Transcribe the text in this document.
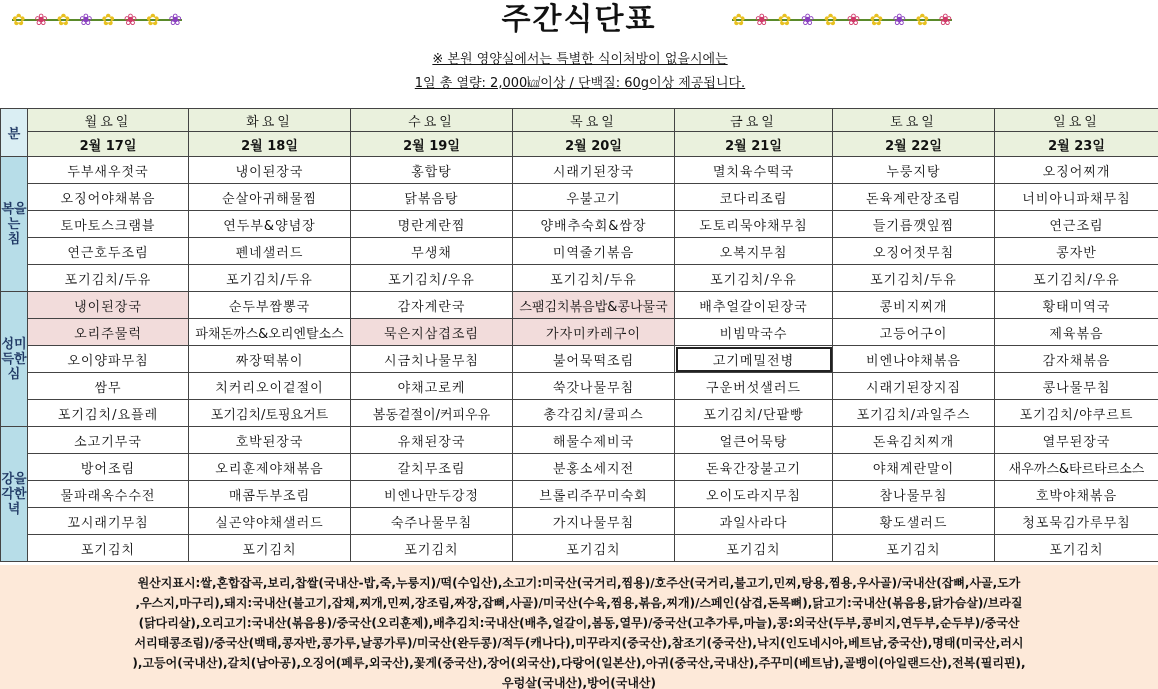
✿ ❀ ✿ ❀ ✿ ❀ ✿ ❀	주간식단표	✿ ❀ ✿ ❀ ✿ ❀ ✿ ❀ ✿ ❀
※ 본원 영양실에서는 특별한 식이처방이 없을시에는
1일 총 열량: 2,000㎉이상 / 단백질: 60g이상 제공됩니다.
분	월요일	화요일	수요일	목요일	금요일	토요일	일요일
	2월 17일	2월 18일	2월 19일	2월 20일	2월 21일	2월 22일	2월 23일
복을
는
침	두부새우젓국	냉이된장국	홍합탕	시래기된장국	멸치육수떡국	누룽지탕	오징어찌개
	오징어야채볶음	순살아귀해물찜	닭볶음탕	우불고기	코다리조림	돈육계란장조림	너비아니파채무침
	토마토스크램블	연두부&양념장	명란계란찜	양배추숙회&쌈장	도토리묵야채무침	들기름깻잎찜	연근조림
	연근호두조림	펜네샐러드	무생채	미역줄기볶음	오복지무침	오징어젓무침	콩자반
	포기김치/두유	포기김치/두유	포기김치/우유	포기김치/두유	포기김치/우유	포기김치/두유	포기김치/우유
성미
득한
심	냉이된장국	순두부짬뽕국	감자계란국	스팸김치볶음밥&콩나물국	배추얼갈이된장국	콩비지찌개	황태미역국
	오리주물럭	파채돈까스&오리엔탈소스	묵은지삼겹조림	가자미카레구이	비빔막국수	고등어구이	제육볶음
	오이양파무침	짜장떡볶이	시금치나물무침	불어묵떡조림	고기메밀전병	비엔나야채볶음	감자채볶음
	쌈무	치커리오이겉절이	야채고로케	쑥갓나물무침	구운버섯샐러드	시래기된장지짐	콩나물무침
	포기김치/요플레	포기김치/토핑요거트	봄동겉절이/커피우유	총각김치/쿨피스	포기김치/단팥빵	포기김치/과일주스	포기김치/야쿠르트
강을
각한
녁	소고기무국	호박된장국	유채된장국	해물수제비국	얼큰어묵탕	돈육김치찌개	열무된장국
	방어조림	오리훈제야채볶음	갈치무조림	분홍소세지전	돈육간장불고기	야채계란말이	새우까스&타르타르소스
	물파래옥수수전	매콤두부조림	비엔나만두강정	브롤리주꾸미숙회	오이도라지무침	참나물무침	호박야채볶음
	꼬시래기무침	실곤약야채샐러드	숙주나물무침	가지나물무침	과일사라다	황도샐러드	청포묵김가루무침
	포기김치	포기김치	포기김치	포기김치	포기김치	포기김치	포기김치
원산지표시:쌀,혼합잡곡,보리,찹쌀(국내산-밥,죽,누룽지)/떡(수입산),소고기:미국산(국거리,찜용)/호주산(국거리,불고기,민찌,탕용,찜용,우사골)/국내산(잡뼈,사골,도가
,우스지,마구리),돼지:국내산(불고기,잡채,찌개,민찌,장조림,짜장,잡뼈,사골)/미국산(수육,찜용,볶음,찌개)/스페인(삼겹,돈목뼈),닭고기:국내산(볶음용,닭가슴살)/브라질
(닭다리살),오리고기:국내산(볶음용)/중국산(오리훈제),배추김치:국내산(배추,얼갈이,봄동,열무)/중국산(고추가루,마늘),콩:외국산(두부,콩비지,연두부,순두부)/중국산
서리태콩조림)/중국산(백태,콩자반,콩가루,날콩가루)/미국산(완두콩)/적두(캐나다),미꾸라지(중국산),참조기(중국산),낙지(인도네시아,베트남,중국산),명태(미국산,러시
),고등어(국내산),갈치(남아공),오징어(페루,외국산),꽃게(중국산),장어(외국산),다랑어(일본산),아귀(중국산,국내산),주꾸미(베트남),골뱅이(아일랜드산),전복(필리핀),
우렁살(국내산),방어(국내산)
